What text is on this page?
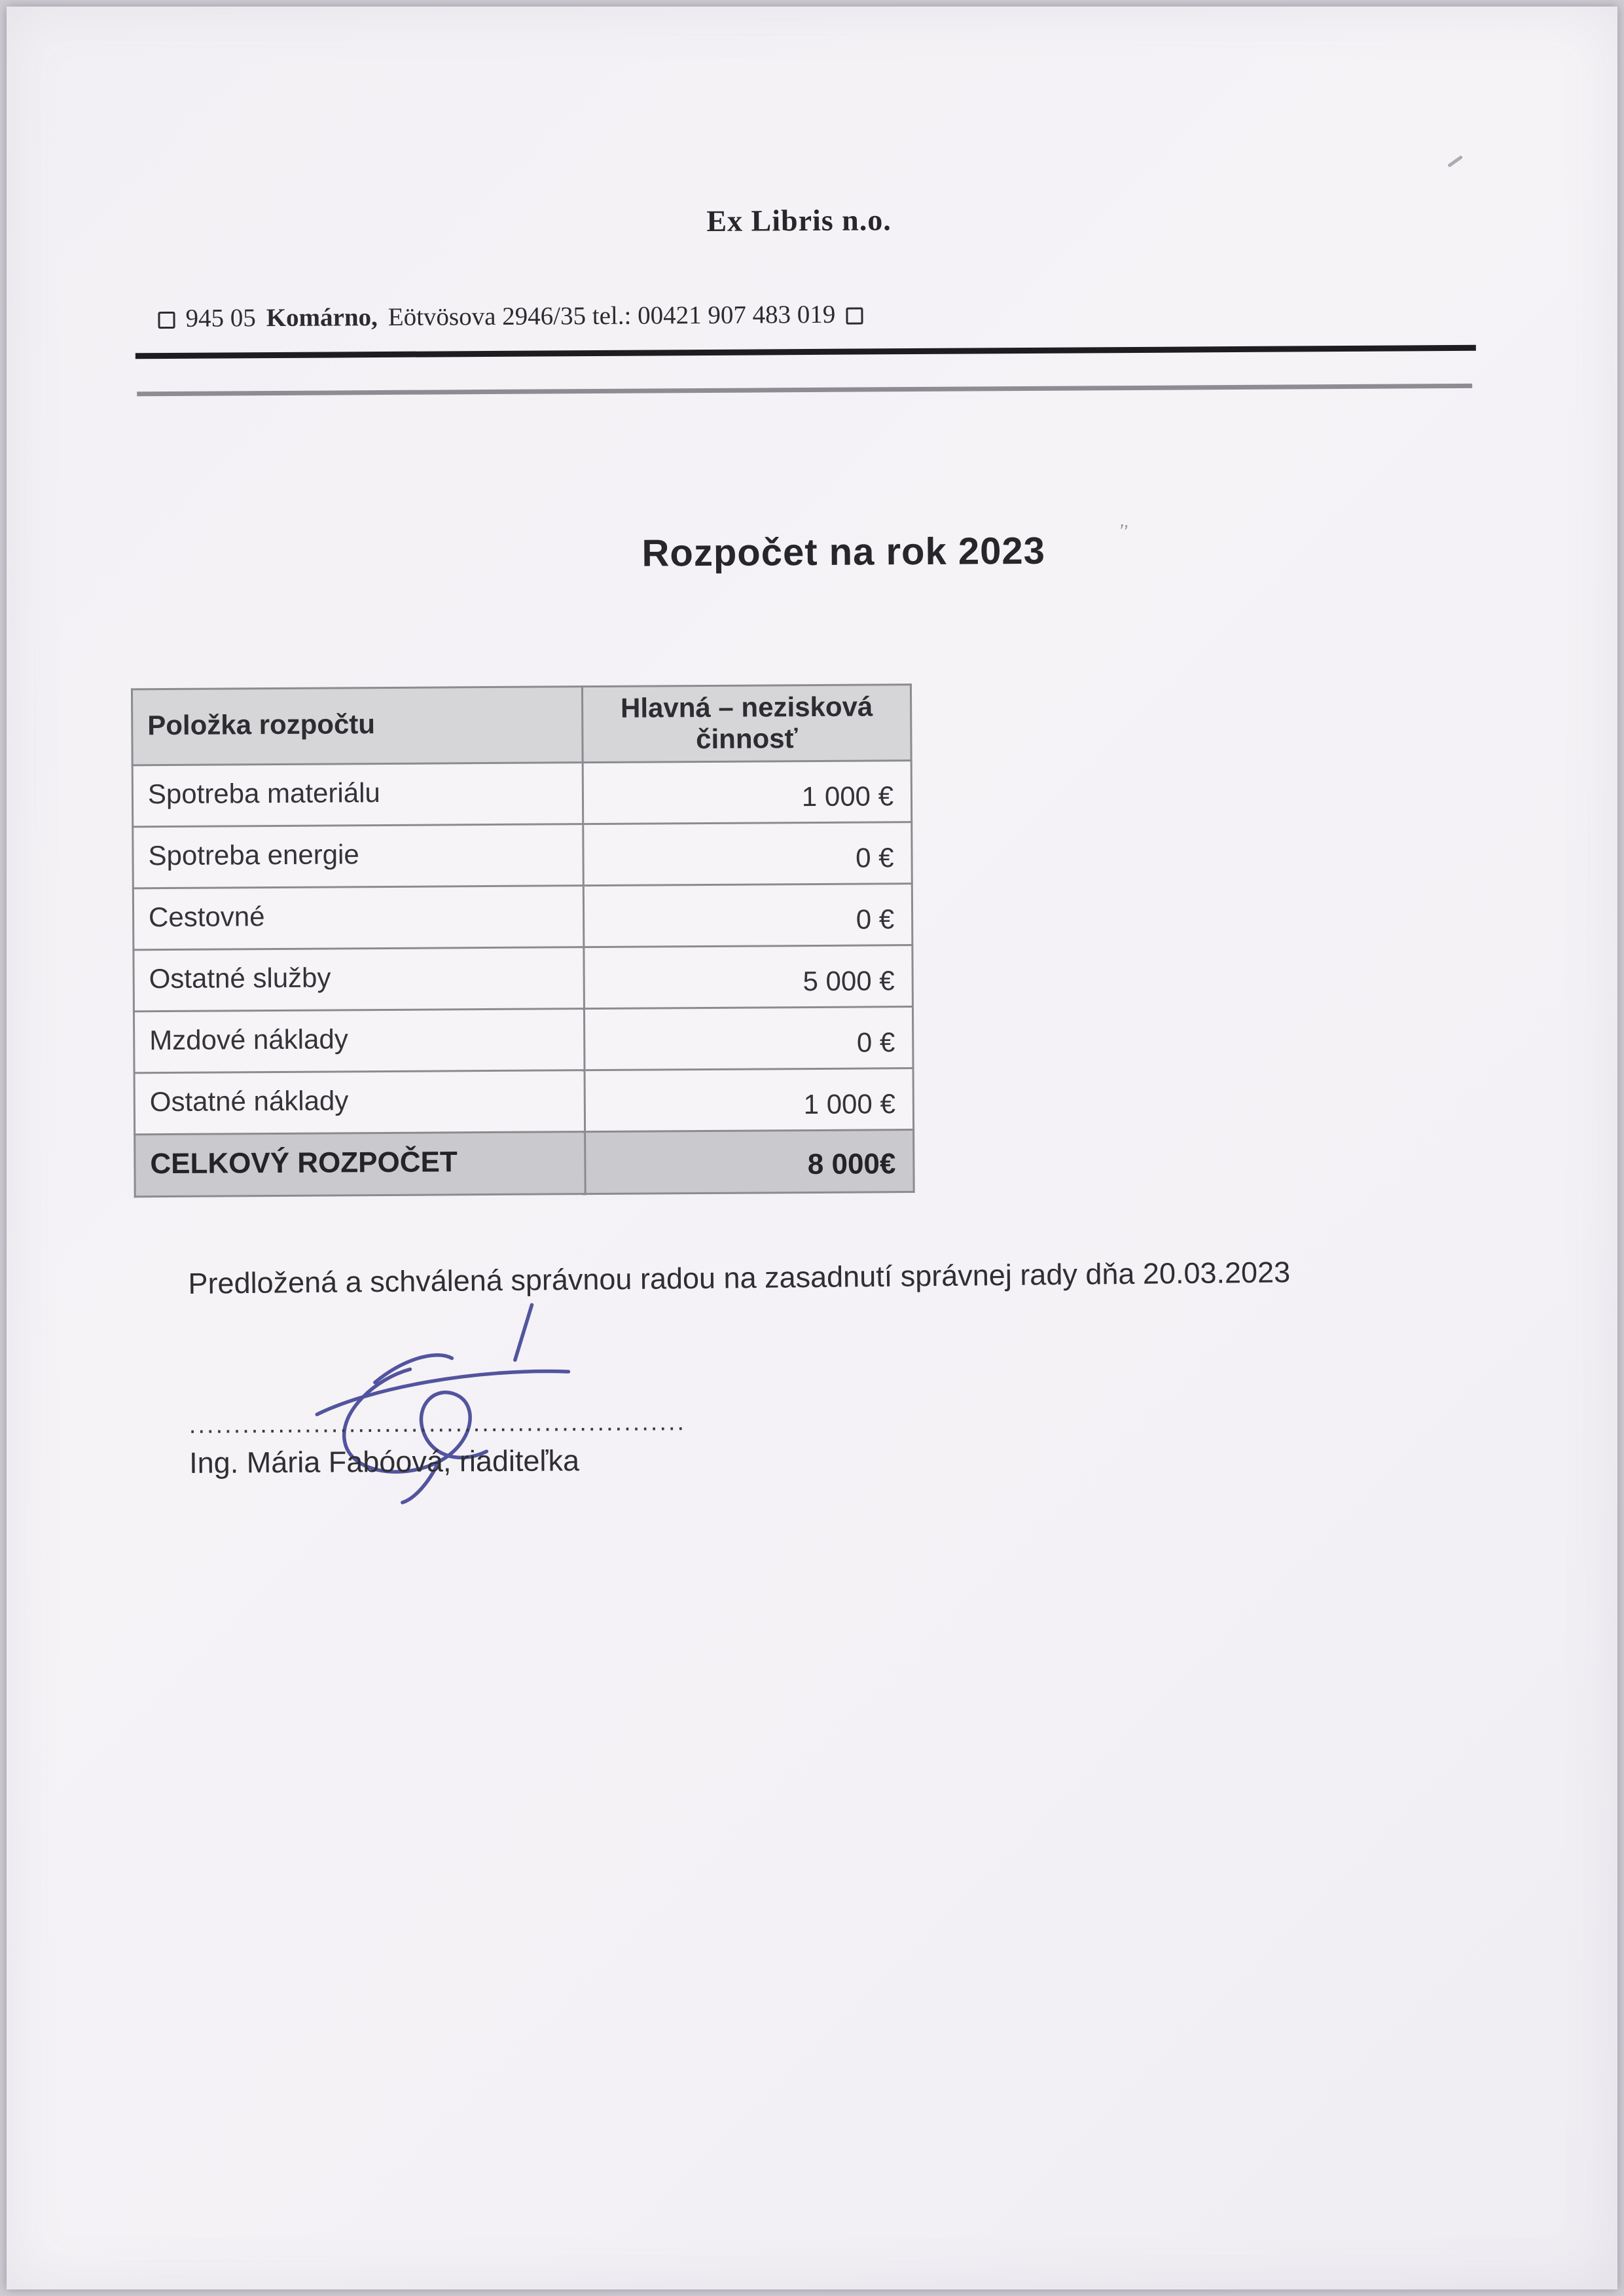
Ex Libris n.o.
945 05 Komárno, Eötvösova 2946/35 tel.: 00421 907 483 019
Rozpočet na rok 2023	ʼʼ
Položka rozpočtu	Hlavná – nezisková činnosť
Spotreba materiálu	1 000 €
Spotreba energie	0 €
Cestovné	0 €
Ostatné služby	5 000 €
Mzdové náklady	0 €
Ostatné náklady	1 000 €
CELKOVÝ ROZPOČET	8 000€
Predložená a schválená správnou radou na zasadnutí správnej rady dňa 20.03.2023
........................................................
Ing. Mária Fabóová, riaditeľka
